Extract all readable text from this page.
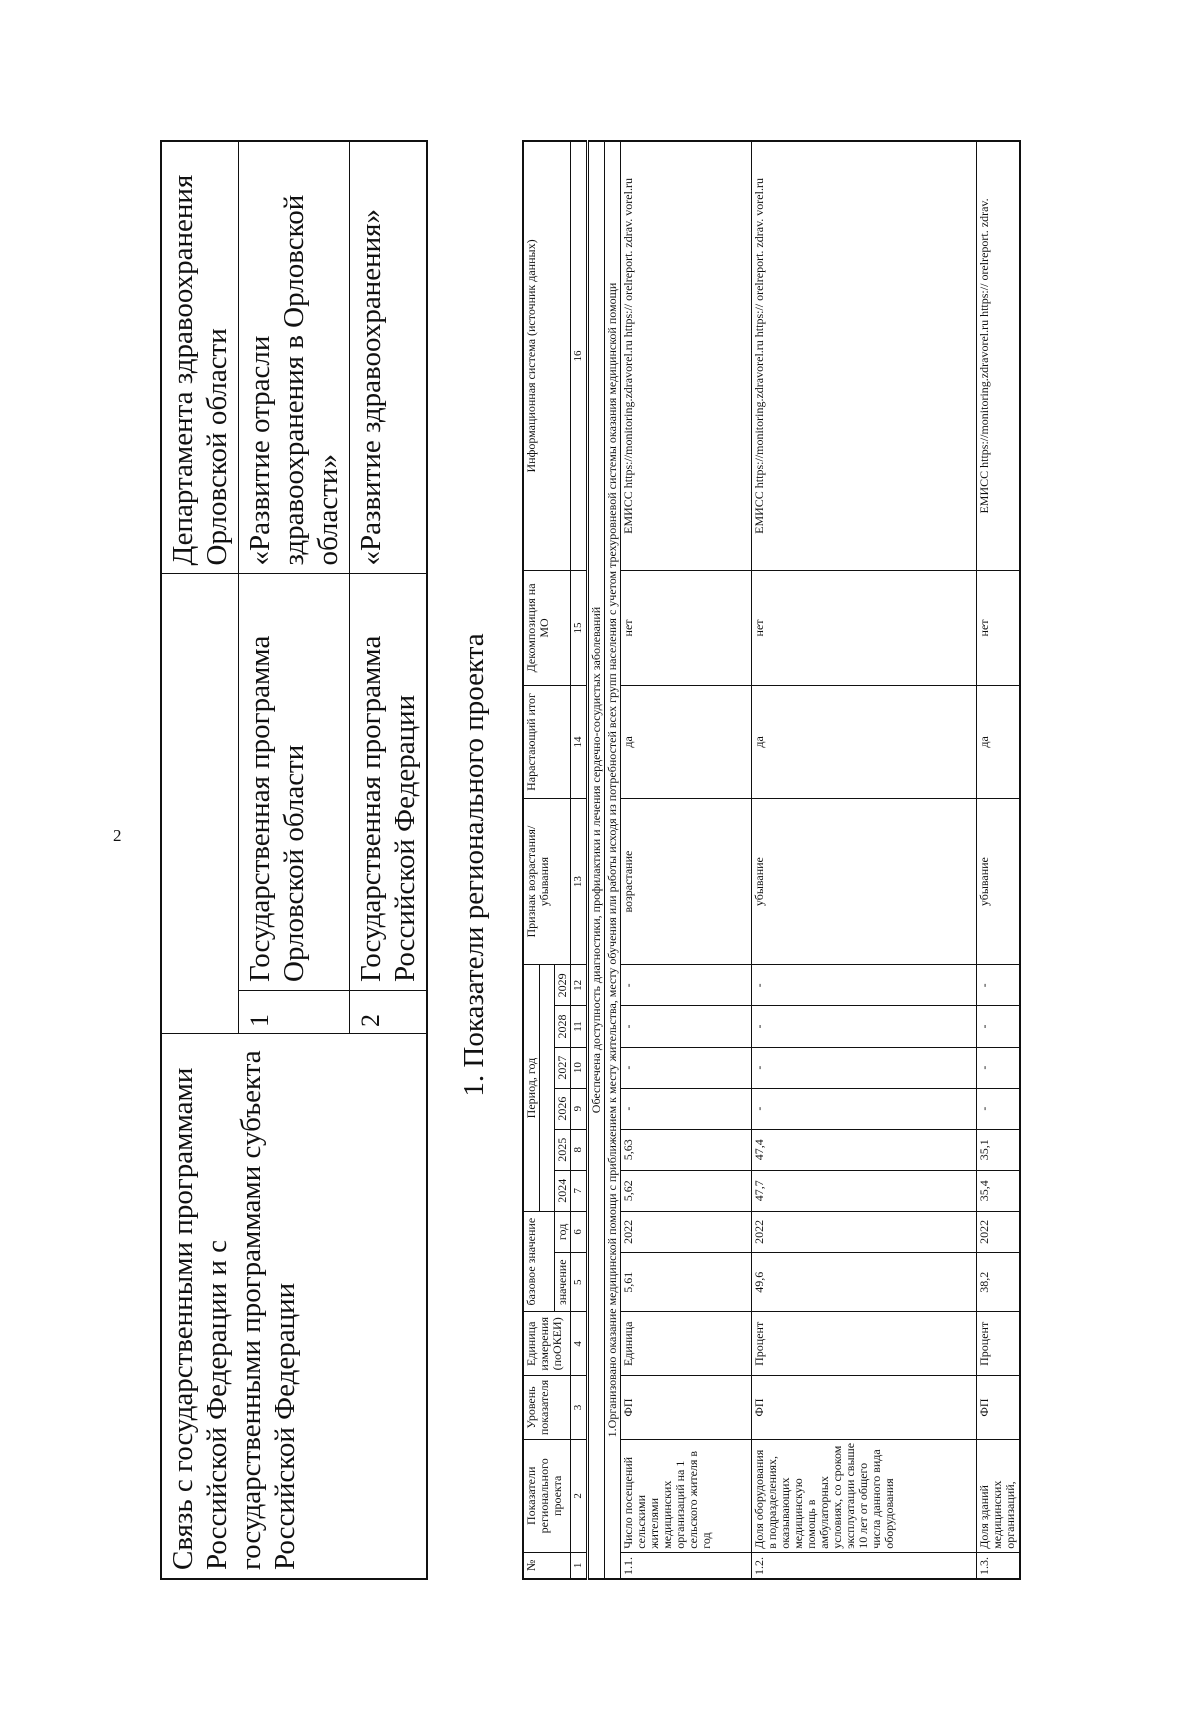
2
Связь с государственными программами Российской Федерации и с государственными программами субъекта Российской Федерации			Департамента здравоохранения Орловской области
	1	Государственная программа Орловской области	«Развитие отрасли здравоохранения в Орловской области»
	2	Государственная программа Российской Федерации	«Развитие здравоохранения»
1. Показатели регионального проекта
№	Показатели регионального проекта	Уровень показателя	Единица измерения (поОКЕИ)	базовое значение		Период, год						Признак возрастания/убывания	Нарастающий итог	Декомпозиция на МО	Информационная система (источник данных)

				значение	год	2024	2025	2026	2027	2028	2029				
1	2	3	4	5	6	7	8	9	10	11	12	13	14	15	16
Обеспечена доступность диагностики, профилактики и лечения сердечно-сосудистых заболеваний															
1.Организовано оказание медицинской помощи с приближением к месту жительства, месту обучения или работы исходя из потребностей всех групп населения с учетом трехуровневой системы оказания медицинской помощи															
1.1.	Число посещений сельскими жителями медицинских организаций на 1 сельского жителя в год	ФП	Единица	5,61	2022	5,62	5,63	-	-	-	-	возрастание	да	нет	ЕМИСС https://monitoring.zdravorel.ru https:// orelreport. zdrav. vorel.ru
1.2.	Доля оборудования в подразделениях, оказывающих медицинскую помощь в амбулаторных условиях, со сроком эксплуатации свыше 10 лет от общего числа данного вида оборудования	ФП	Процент	49,6	2022	47,7	47,4	-	-	-	-	убывание	да	нет	ЕМИСС https://monitoring.zdravorel.ru https:// orelreport. zdrav. vorel.ru
1.3.	Доля зданий медицинских организаций,	ФП	Процент	38,2	2022	35,4	35,1	-	-	-	-	убывание	да	нет	ЕМИСС https://monitoring.zdravorel.ru https:// orelreport. zdrav.
